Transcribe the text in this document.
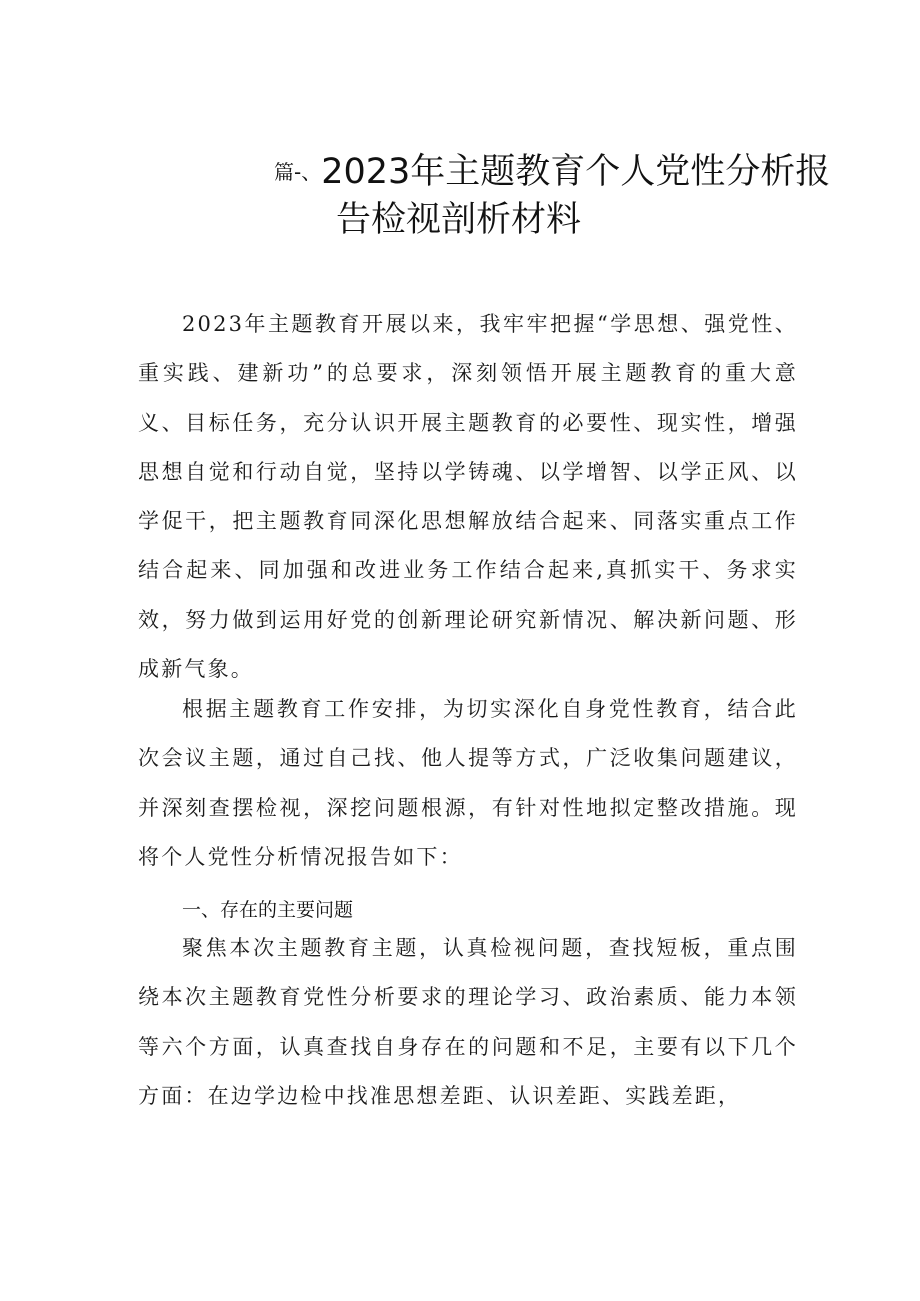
篇-、2023年主题教育个人党性分析报
告检视剖析材料

2023年主题教育开展以来，我牢牢把握“学思想、强党性、重实践、建新功”的总要求，深刻领悟开展主题教育的重大意义、目标任务，充分认识开展主题教育的必要性、现实性，增强思想自觉和行动自觉，坚持以学铸魂、以学增智、以学正风、以学促干，把主题教育同深化思想解放结合起来、同落实重点工作结合起来、同加强和改进业务工作结合起来,真抓实干、务求实效，努力做到运用好党的创新理论研究新情况、解决新问题、形成新气象。

根据主题教育工作安排，为切实深化自身党性教育，结合此次会议主题，通过自己找、他人提等方式，广泛收集问题建议，并深刻查摆检视，深挖问题根源，有针对性地拟定整改措施。现将个人党性分析情况报告如下：

一、存在的主要问题

聚焦本次主题教育主题，认真检视问题，查找短板，重点围绕本次主题教育党性分析要求的理论学习、政治素质、能力本领等六个方面，认真查找自身存在的问题和不足，主要有以下几个方面：在边学边检中找准思想差距、认识差距、实践差距，
